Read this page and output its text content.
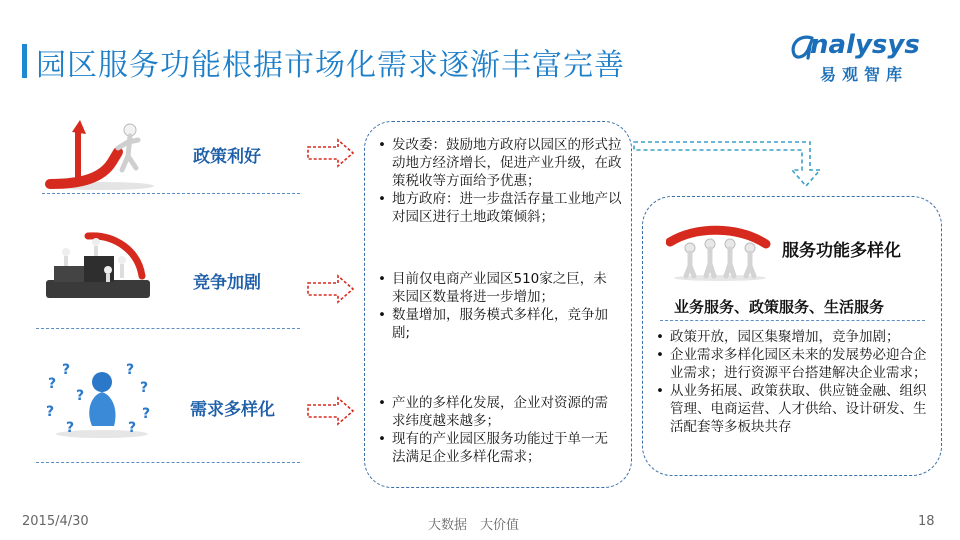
园区服务功能根据市场化需求逐渐丰富完善
nalysys
易观智库
政策利好
竞争加剧
?
?	?
?
?	?
?	?
?
需求多样化
• 发改委：鼓励地方政府以园区的形式拉动地方经济增长，促进产业升级，在政策税收等方面给予优惠；
• 地方政府：进一步盘活存量工业地产以对园区进行土地政策倾斜；
• 目前仅电商产业园区510家之巨，未来园区数量将进一步增加；
• 数量增加，服务模式多样化，竞争加剧;
• 产业的多样化发展，企业对资源的需求纬度越来越多；
• 现有的产业园区服务功能过于单一无法满足企业多样化需求；
服务功能多样化
业务服务、政策服务、生活服务
• 政策开放，园区集聚增加，竞争加剧；
• 企业需求多样化园区未来的发展势必迎合企业需求；进行资源平台搭建解决企业需求；
• 从业务拓展、政策获取、供应链金融、组织管理、电商运营、人才供给、设计研发、生活配套等多板块共存
2015/4/30	大数据　大价值	18
